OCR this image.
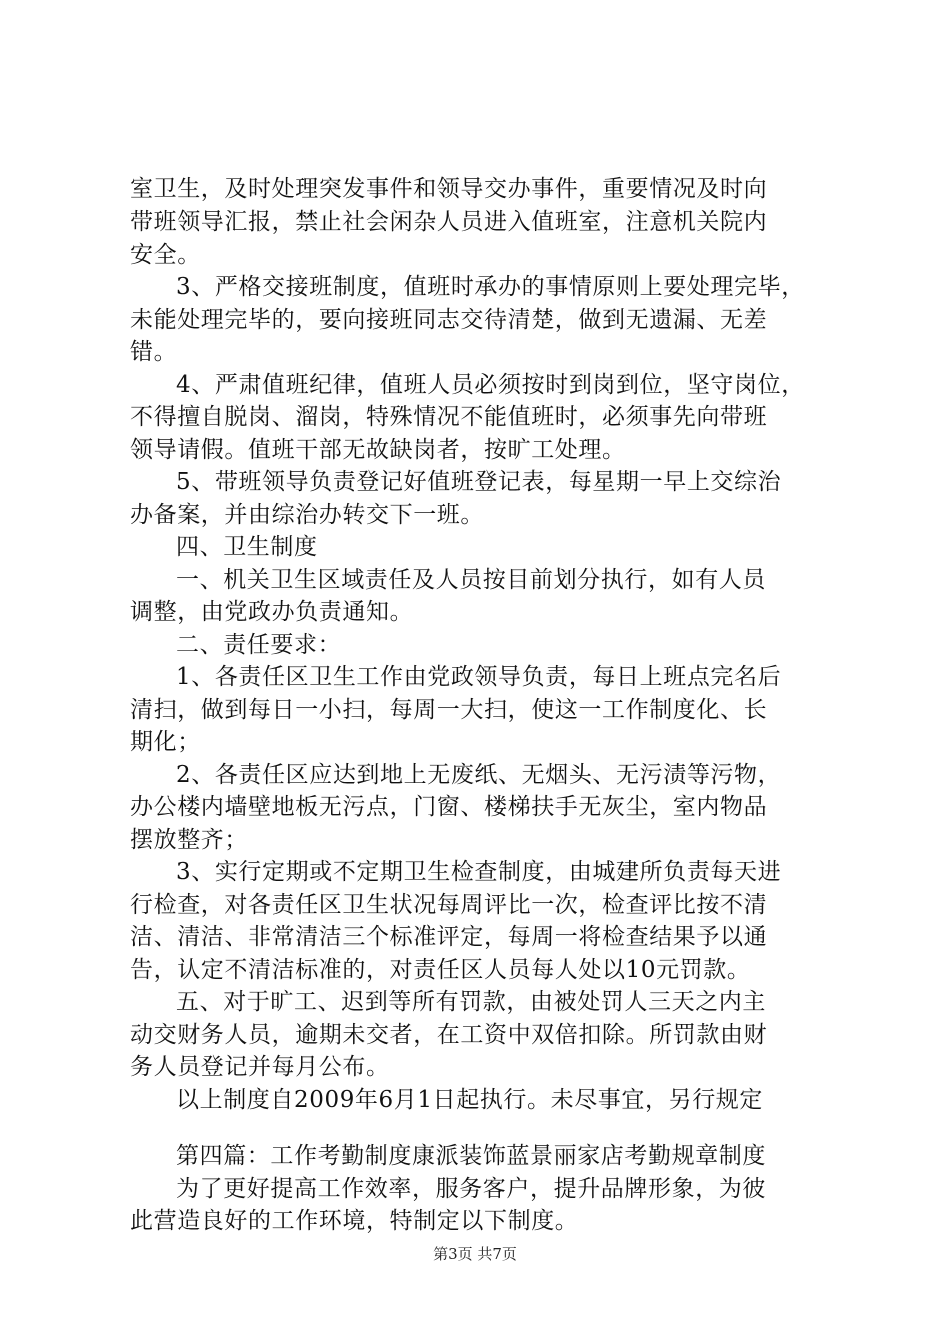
室卫生，及时处理突发事件和领导交办事件，重要情况及时向
带班领导汇报，禁止社会闲杂人员进入值班室，注意机关院内
安全。
3、严格交接班制度，值班时承办的事情原则上要处理完毕，
未能处理完毕的，要向接班同志交待清楚，做到无遗漏、无差
错。
4、严肃值班纪律，值班人员必须按时到岗到位，坚守岗位，
不得擅自脱岗、溜岗，特殊情况不能值班时，必须事先向带班
领导请假。值班干部无故缺岗者，按旷工处理。
5、带班领导负责登记好值班登记表，每星期一早上交综治
办备案，并由综治办转交下一班。
四、卫生制度
一、机关卫生区域责任及人员按目前划分执行，如有人员
调整，由党政办负责通知。
二、责任要求：
1、各责任区卫生工作由党政领导负责，每日上班点完名后
清扫，做到每日一小扫，每周一大扫，使这一工作制度化、长
期化；
2、各责任区应达到地上无废纸、无烟头、无污渍等污物，
办公楼内墙壁地板无污点，门窗、楼梯扶手无灰尘，室内物品
摆放整齐；
3、实行定期或不定期卫生检查制度，由城建所负责每天进
行检查，对各责任区卫生状况每周评比一次，检查评比按不清
洁、清洁、非常清洁三个标准评定，每周一将检查结果予以通
告，认定不清洁标准的，对责任区人员每人处以10元罚款。
五、对于旷工、迟到等所有罚款，由被处罚人三天之内主
动交财务人员，逾期未交者，在工资中双倍扣除。所罚款由财
务人员登记并每月公布。
以上制度自2009年6月1日起执行。未尽事宜，另行规定
第四篇：工作考勤制度康派装饰蓝景丽家店考勤规章制度
为了更好提高工作效率，服务客户，提升品牌形象，为彼
此营造良好的工作环境，特制定以下制度。
第3页 共7页
